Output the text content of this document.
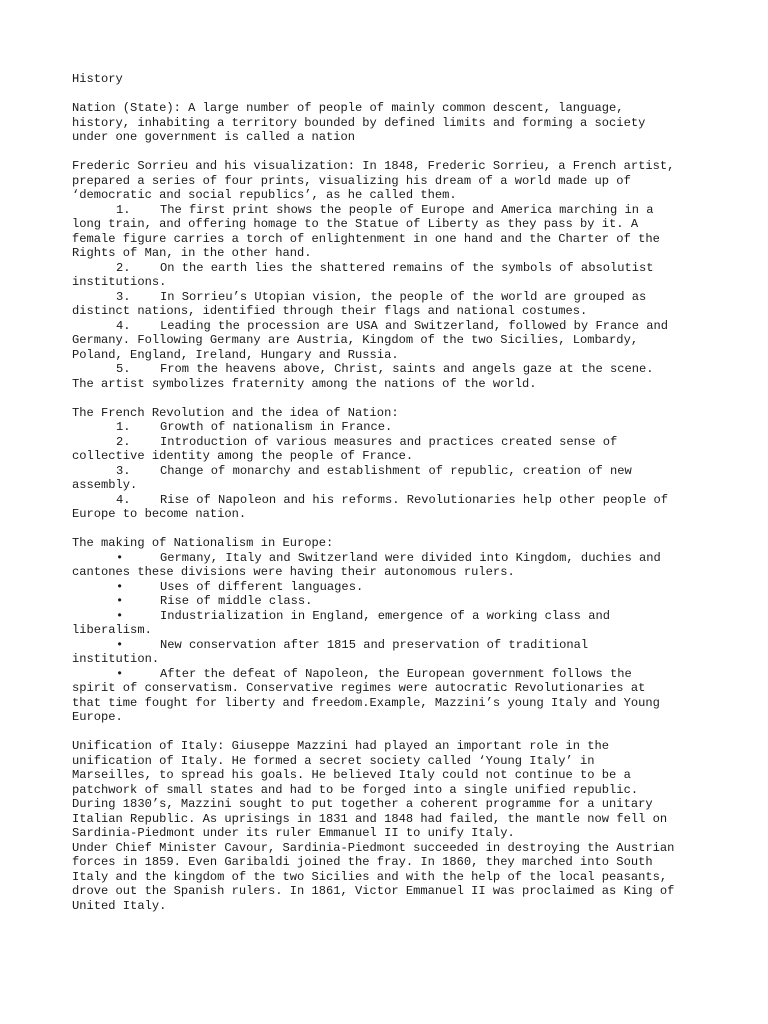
History
Nation (State): A large number of people of mainly common descent, language,
history, inhabiting a territory bounded by defined limits and forming a society
under one government is called a nation
Frederic Sorrieu and his visualization: In 1848, Frederic Sorrieu, a French artist,
prepared a series of four prints, visualizing his dream of a world made up of
‘democratic and social republics’, as he called them.
1. The first print shows the people of Europe and America marching in a
long train, and offering homage to the Statue of Liberty as they pass by it. A
female figure carries a torch of enlightenment in one hand and the Charter of the
Rights of Man, in the other hand.
2. On the earth lies the shattered remains of the symbols of absolutist
institutions.
3. In Sorrieu’s Utopian vision, the people of the world are grouped as
distinct nations, identified through their flags and national costumes.
4. Leading the procession are USA and Switzerland, followed by France and
Germany. Following Germany are Austria, Kingdom of the two Sicilies, Lombardy,
Poland, England, Ireland, Hungary and Russia.
5. From the heavens above, Christ, saints and angels gaze at the scene.
The artist symbolizes fraternity among the nations of the world.
The French Revolution and the idea of Nation:
1. Growth of nationalism in France.
2. Introduction of various measures and practices created sense of
collective identity among the people of France.
3. Change of monarchy and establishment of republic, creation of new
assembly.
4. Rise of Napoleon and his reforms. Revolutionaries help other people of
Europe to become nation.
The making of Nationalism in Europe:
•	Germany, Italy and Switzerland were divided into Kingdom, duchies and
cantones these divisions were having their autonomous rulers.
•	Uses of different languages.
•	Rise of middle class.
•	Industrialization in England, emergence of a working class and
liberalism.
•	New conservation after 1815 and preservation of traditional
institution.
•	After the defeat of Napoleon, the European government follows the
spirit of conservatism. Conservative regimes were autocratic Revolutionaries at
that time fought for liberty and freedom.Example, Mazzini’s young Italy and Young
Europe.
Unification of Italy: Giuseppe Mazzini had played an important role in the
unification of Italy. He formed a secret society called ‘Young Italy’ in
Marseilles, to spread his goals. He believed Italy could not continue to be a
patchwork of small states and had to be forged into a single unified republic.
During 1830’s, Mazzini sought to put together a coherent programme for a unitary
Italian Republic. As uprisings in 1831 and 1848 had failed, the mantle now fell on
Sardinia-Piedmont under its ruler Emmanuel II to unify Italy.
Under Chief Minister Cavour, Sardinia-Piedmont succeeded in destroying the Austrian
forces in 1859. Even Garibaldi joined the fray. In 1860, they marched into South
Italy and the kingdom of the two Sicilies and with the help of the local peasants,
drove out the Spanish rulers. In 1861, Victor Emmanuel II was proclaimed as King of
United Italy.
